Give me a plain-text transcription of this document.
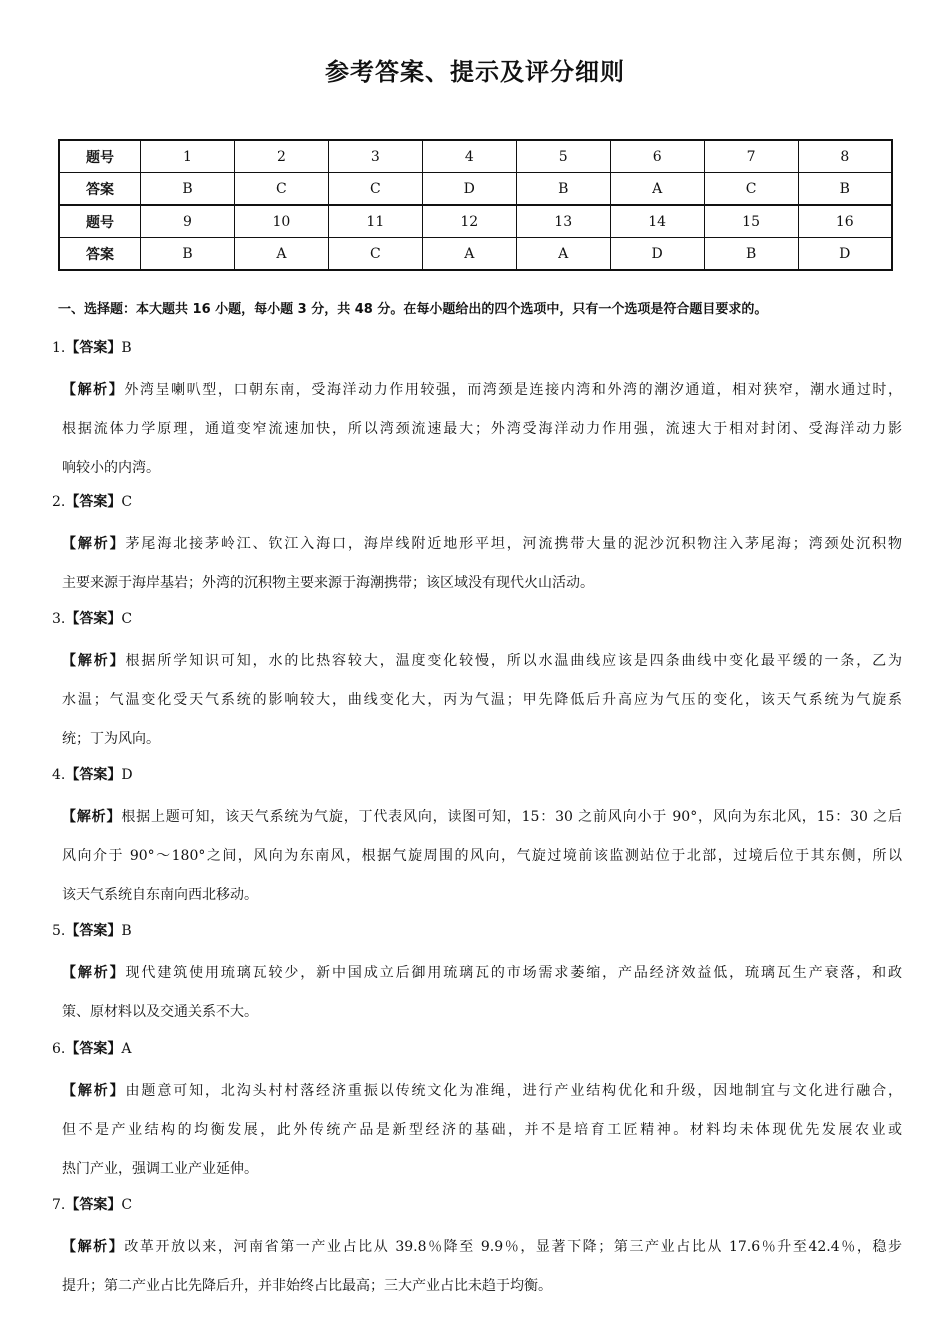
参考答案、提示及评分细则
题号	1	2	3	4	5	6	7	8
答案	B	C	C	D	B	A	C	B
题号	9	10	11	12	13	14	15	16
答案	B	A	C	A	A	D	B	D
一、选择题：本大题共 16 小题，每小题 3 分，共 48 分。在每小题给出的四个选项中，只有一个选项是符合题目要求的。
1.【答案】B
【解析】外湾呈喇叭型，口朝东南，受海洋动力作用较强，而湾颈是连接内湾和外湾的潮汐通道，相对狭窄，潮水通过时，
根据流体力学原理，通道变窄流速加快，所以湾颈流速最大；外湾受海洋动力作用强，流速大于相对封闭、受海洋动力影
响较小的内湾。
2.【答案】C
【解析】茅尾海北接茅岭江、钦江入海口，海岸线附近地形平坦，河流携带大量的泥沙沉积物注入茅尾海；湾颈处沉积物
主要来源于海岸基岩；外湾的沉积物主要来源于海潮携带；该区域没有现代火山活动。
3.【答案】C
【解析】根据所学知识可知，水的比热容较大，温度变化较慢，所以水温曲线应该是四条曲线中变化最平缓的一条，乙为
水温；气温变化受天气系统的影响较大，曲线变化大，丙为气温；甲先降低后升高应为气压的变化，该天气系统为气旋系
统；丁为风向。
4.【答案】D
【解析】根据上题可知，该天气系统为气旋，丁代表风向，读图可知，15：30 之前风向小于 90°，风向为东北风，15：30 之后
风向介于 90°～180°之间，风向为东南风，根据气旋周围的风向，气旋过境前该监测站位于北部，过境后位于其东侧，所以
该天气系统自东南向西北移动。
5.【答案】B
【解析】现代建筑使用琉璃瓦较少，新中国成立后御用琉璃瓦的市场需求萎缩，产品经济效益低，琉璃瓦生产衰落，和政
策、原材料以及交通关系不大。
6.【答案】A
【解析】由题意可知，北沟头村村落经济重振以传统文化为准绳，进行产业结构优化和升级，因地制宜与文化进行融合，
但不是产业结构的均衡发展，此外传统产品是新型经济的基础，并不是培育工匠精神。材料均未体现优先发展农业或
热门产业，强调工业产业延伸。
7.【答案】C
【解析】改革开放以来，河南省第一产业占比从 39.8％降至 9.9％，显著下降；第三产业占比从 17.6％升至42.4％，稳步
提升；第二产业占比先降后升，并非始终占比最高；三大产业占比未趋于均衡。
